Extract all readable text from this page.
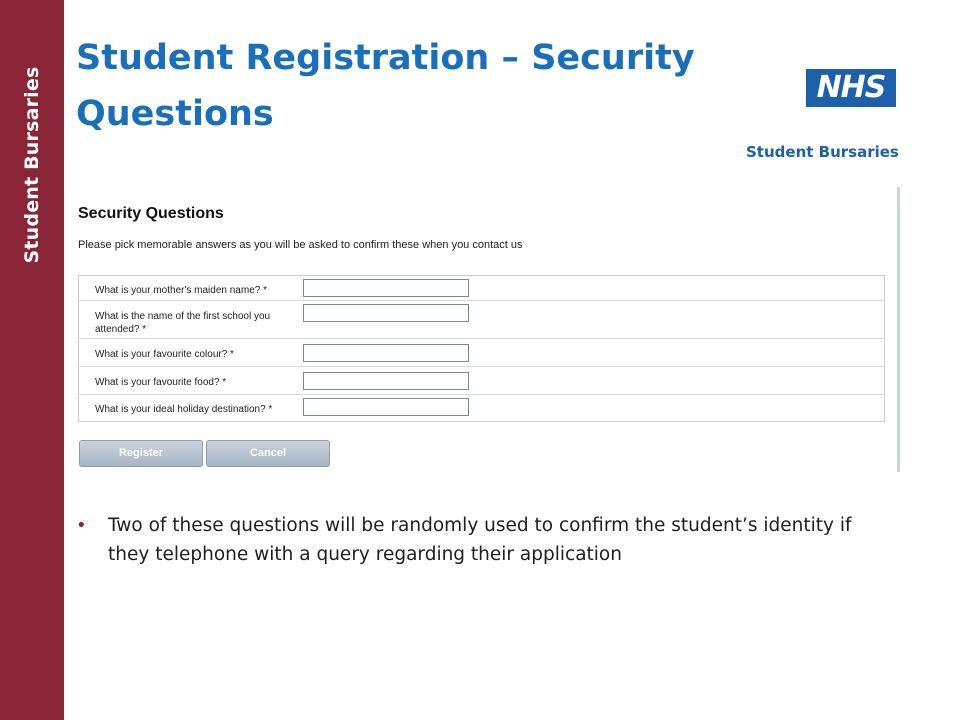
Student Bursaries
Student Registration – Security Questions
NHS
Student Bursaries
Security Questions
Please pick memorable answers as you will be asked to confirm these when you contact us
What is your mother's maiden name? *
What is the name of the first school you attended? *
What is your favourite colour? *
What is your favourite food? *
What is your ideal holiday destination? *
Register	Cancel
• Two of these questions will be randomly used to confirm the student’s identity if they telephone with a query regarding their application
